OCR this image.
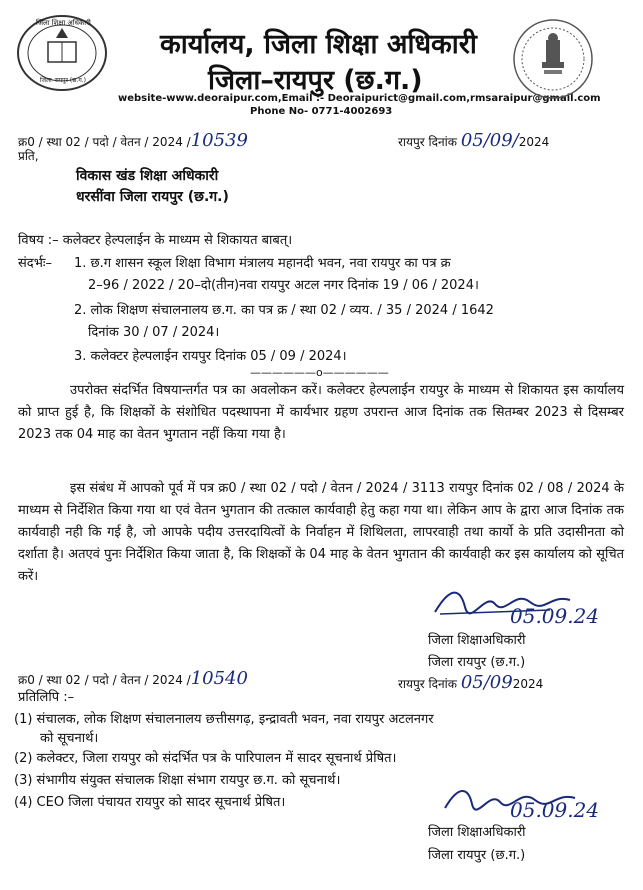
जिला शिक्षा अधिकारी
जिला–रायपुर (छ.ग.)
कार्यालय, जिला शिक्षा अधिकारी
जिला–रायपुर (छ.ग.)
website-www.deoraipur.com,Email :- Deoraipurict@gmail.com,rmsaraipur@gmail.com
Phone No- 0771-4002693
क्र0 / स्था 02 / पदो / वेतन / 2024 /10539	रायपुर दिनांक 05/09/2024
प्रति,
विकास खंड शिक्षा अधिकारी
धरसींवा जिला रायपुर (छ.ग.)
विषय :– कलेक्टर हेल्पलाईन के माध्यम से शिकायत बाबत्।
संदर्भः– 1. छ.ग शासन स्कूल शिक्षा विभाग मंत्रालय महानदी भवन, नवा रायपुर का पत्र क्र
2–96 / 2022 / 20–दो(तीन)नवा रायपुर अटल नगर दिनांक 19 / 06 / 2024।
2. लोक शिक्षण संचालनालय छ.ग. का पत्र क्र / स्था 02 / व्यय. / 35 / 2024 / 1642
दिनांक 30 / 07 / 2024।
3. कलेक्टर हेल्पलाईन रायपुर दिनांक 05 / 09 / 2024।
——————o——————
उपरोक्त संदर्भित विषयान्तर्गत पत्र का अवलोकन करें। कलेक्टर हेल्पलाईन रायपुर के माध्यम से शिकायत इस कार्यालय को प्राप्त हुई है, कि शिक्षकों के संशोधित पदस्थापना में कार्यभार ग्रहण उपरान्त आज दिनांक तक सितम्बर 2023 से दिसम्बर 2023 तक 04 माह का वेतन भुगतान नहीं किया गया है।
इस संबंध में आपको पूर्व में पत्र क्र0 / स्था 02 / पदो / वेतन / 2024 / 3113 रायपुर दिनांक 02 / 08 / 2024 के माध्यम से निर्देशित किया गया था एवं वेतन भुगतान की तत्काल कार्यवाही हेतु कहा गया था। लेकिन आप के द्वारा आज दिनांक तक कार्यवाही नही कि गई है, जो आपके पदीय उत्तरदायित्वों के निर्वाहन में शिथिलता, लापरवाही तथा कार्यो के प्रति उदासीनता को दर्शाता है। अतएवं पुनः निर्देशित किया जाता है, कि शिक्षकों के 04 माह के वेतन भुगतान की कार्यवाही कर इस कार्यालय को सूचित करें।
05.09.24
जिला शिक्षाअधिकारी
जिला रायपुर (छ.ग.)
क्र0 / स्था 02 / पदो / वेतन / 2024 /10540	रायपुर दिनांक 05/092024
प्रतिलिपि :–
(1) संचालक, लोक शिक्षण संचालनालय छत्तीसगढ़, इन्द्रावती भवन, नवा रायपुर अटलनगर
को सूचनार्थ।
(2) कलेक्टर, जिला रायपुर को संदर्भित पत्र के पारिपालन में सादर सूचनार्थ प्रेषित।
(3) संभागीय संयुक्त संचालक शिक्षा संभाग रायपुर छ.ग. को सूचनार्थ।
(4) CEO जिला पंचायत रायपुर को सादर सूचनार्थ प्रेषित।	05.09.24
जिला शिक्षाअधिकारी
जिला रायपुर (छ.ग.)
